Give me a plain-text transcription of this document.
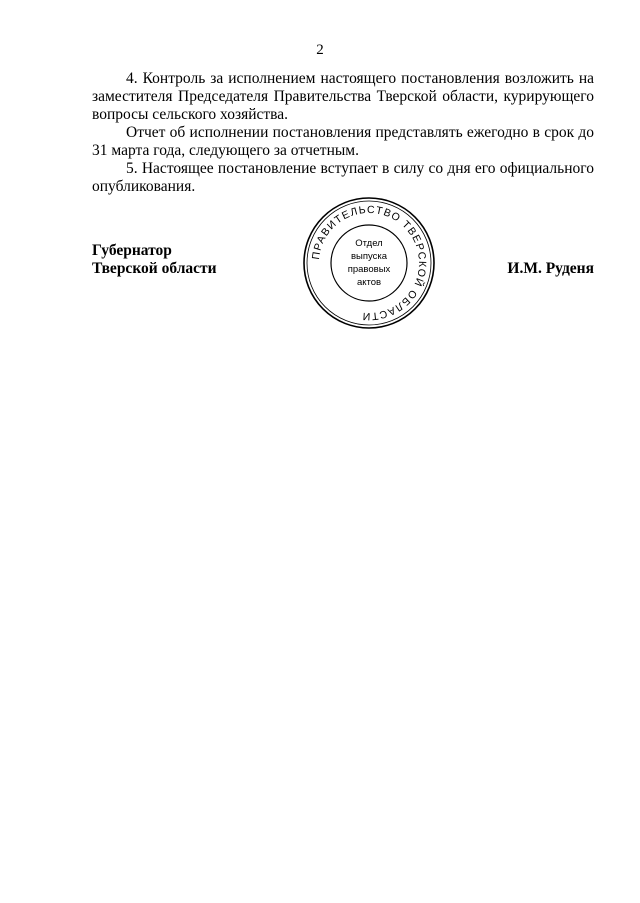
2

4. Контроль за исполнением настоящего постановления возложить на заместителя Председателя Правительства Тверской области, курирующего вопросы сельского хозяйства.

Отчет об исполнении постановления представлять ежегодно в срок до 31 марта года, следующего за отчетным.

5. Настоящее постановление вступает в силу со дня его официального опубликования.

Губернатор
Тверской области
ПРАВИТЕЛЬСТВО ТВЕРСКОЙ ОБЛАСТИ
Отдел
выпуска
правовых
актов
И.М. Руденя
